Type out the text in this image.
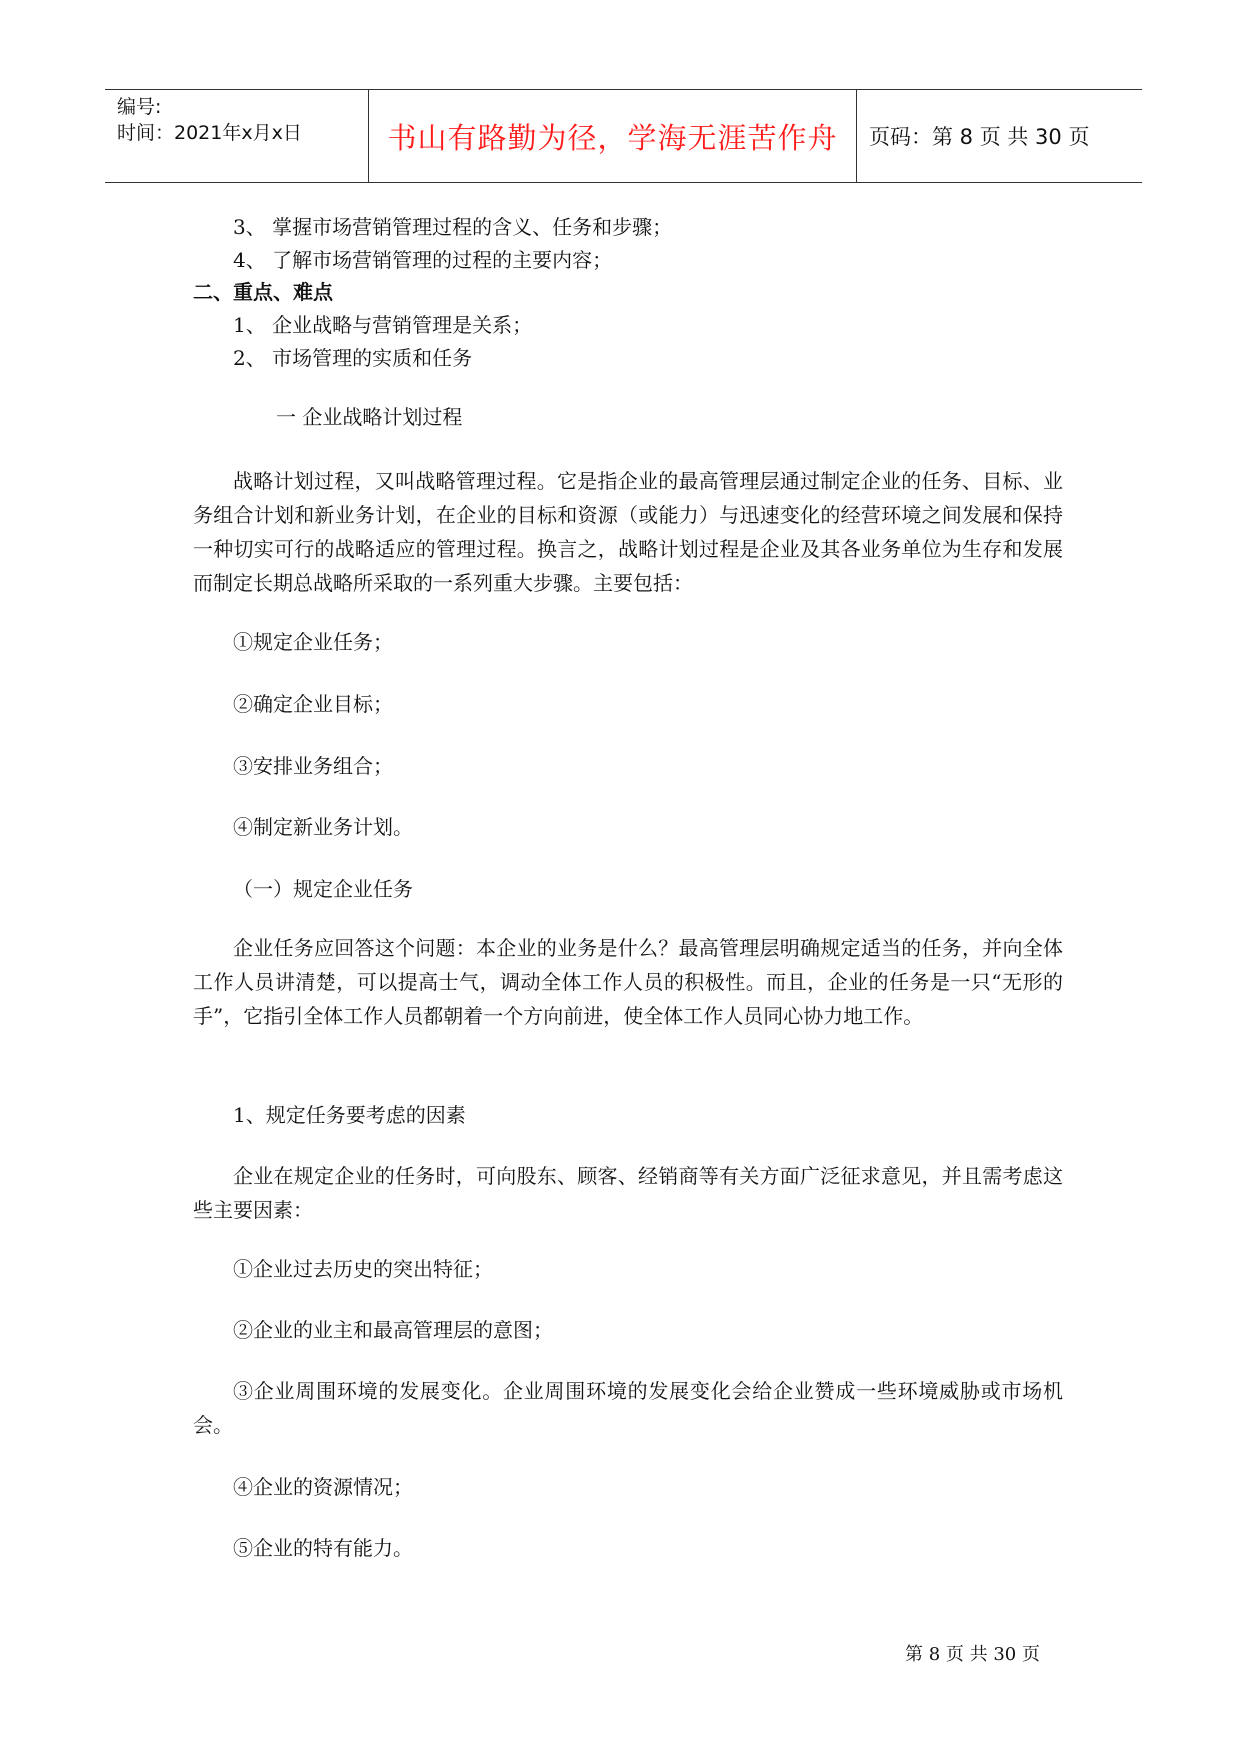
编号:
时间：2021年x月x日	书山有路勤为径，学海无涯苦作舟	页码：第 8 页 共 30 页
3、 掌握市场营销管理过程的含义、任务和步骤；
4、 了解市场营销管理的过程的主要内容；
二、重点、难点
1、 企业战略与营销管理是关系；
2、 市场管理的实质和任务
一 企业战略计划过程

战略计划过程，又叫战略管理过程。它是指企业的最高管理层通过制定企业的任务、目标、业务组合计划和新业务计划，在企业的目标和资源（或能力）与迅速变化的经营环境之间发展和保持一种切实可行的战略适应的管理过程。换言之，战略计划过程是企业及其各业务单位为生存和发展而制定长期总战略所采取的一系列重大步骤。主要包括：

①规定企业任务；
②确定企业目标；
③安排业务组合；
④制定新业务计划。
（一）规定企业任务

企业任务应回答这个问题：本企业的业务是什么？最高管理层明确规定适当的任务，并向全体工作人员讲清楚，可以提高士气，调动全体工作人员的积极性。而且，企业的任务是一只“无形的手”，它指引全体工作人员都朝着一个方向前进，使全体工作人员同心协力地工作。

1、规定任务要考虑的因素

企业在规定企业的任务时，可向股东、顾客、经销商等有关方面广泛征求意见，并且需考虑这些主要因素：

①企业过去历史的突出特征；
②企业的业主和最高管理层的意图；

③企业周围环境的发展变化。企业周围环境的发展变化会给企业赞成一些环境威胁或市场机会。

④企业的资源情况；
⑤企业的特有能力。
第 8 页 共 30 页
